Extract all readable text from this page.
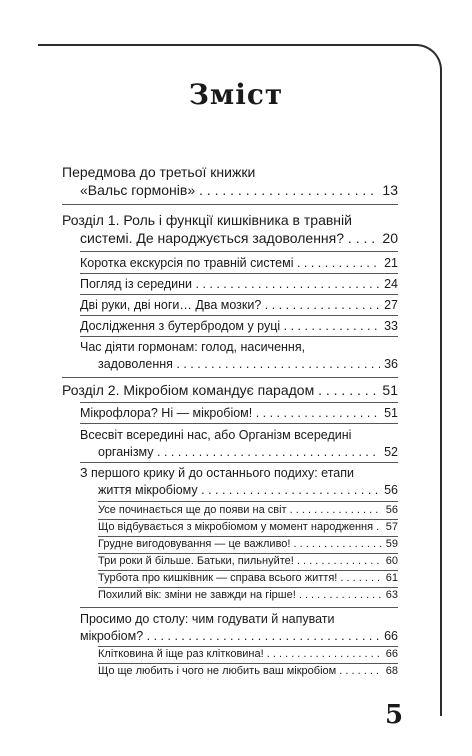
Зміст
Передмова до третьої книжки
«Вальс гормонів» . . .	13
Розділ 1. Роль і функції кишківника в травній
системі. Де народжується задоволення? . . .	20
Коротка екскурсія по травній системі . . .	21
Погляд із середини . . .	24
Дві руки, дві ноги… Два мозки? . . .	27
Дослідження з бутербродом у руці . . .	33
Час діяти гормонам: голод, насичення,
задоволення . . .	36
Розділ 2. Мікробіом командує парадом . . .	51
Мікрофлора? Ні — мікробіом! . . .	51
Всесвіт всередині нас, або Організм всередині
організму . . .	52
З першого крику й до останнього подиху: етапи
життя мікробіому . . .	56
Усе починається ще до появи на світ . . .	56
Що відбувається з мікробіомом у момент народження . . .	57
Грудне вигодовування — це важливо! . . .	59
Три роки й більше. Батьки, пильнуйте! . . .	60
Турбота про кишківник — справа всього життя! . . .	61
Похилий вік: зміни не завжди на гірше! . . .	63
Просимо до столу: чим годувати й напувати
мікробіом? . . .	66
Клітковина й іще раз клітковина! . . .	66
Що ще любить і чого не любить ваш мікробіом . . .	68
5
